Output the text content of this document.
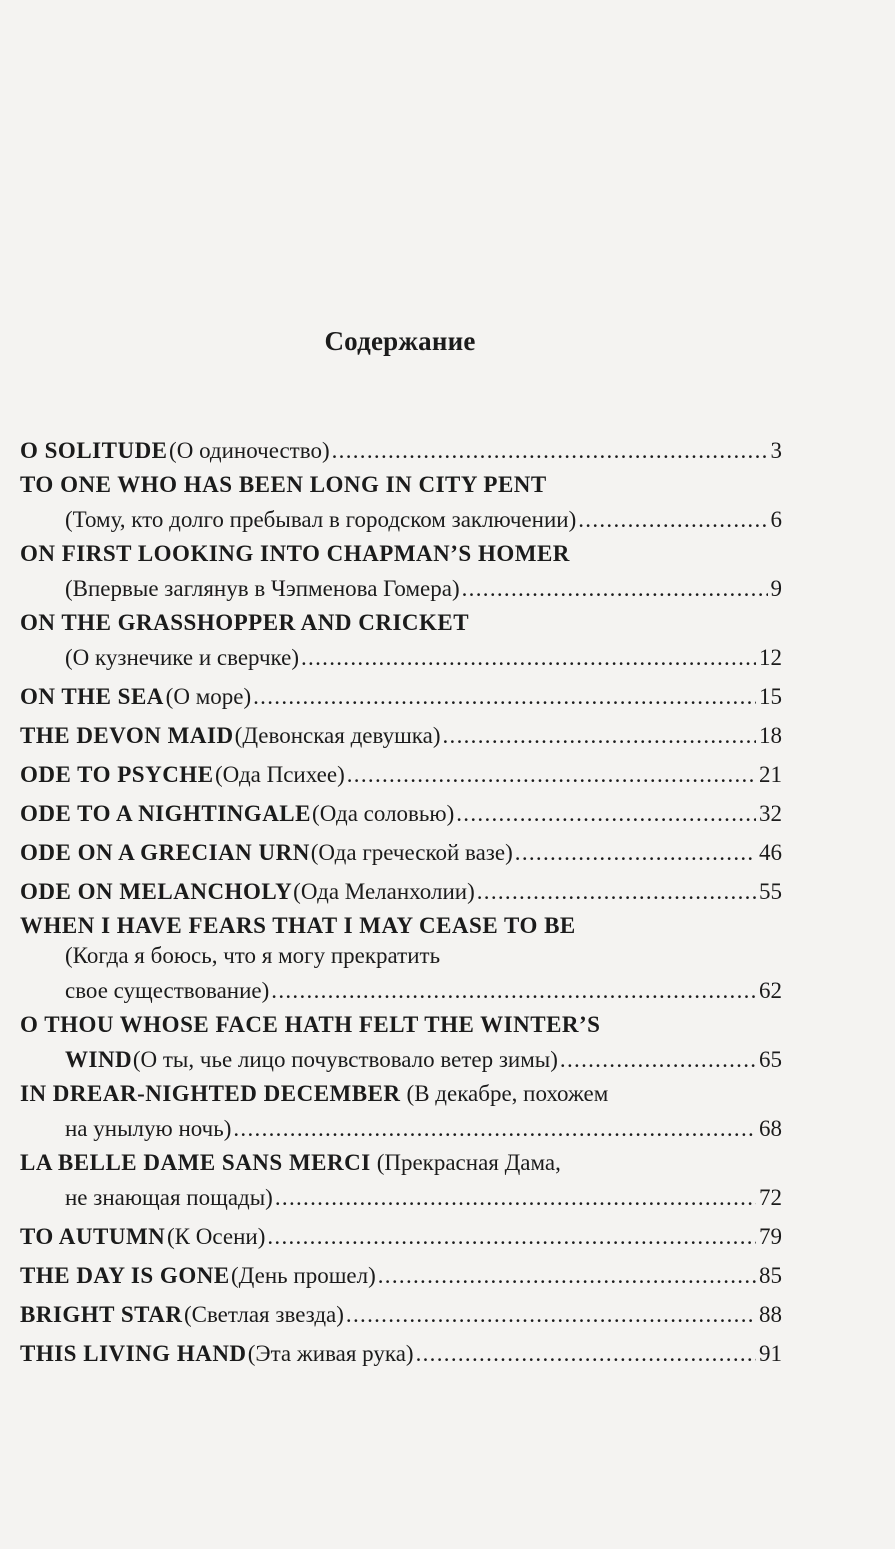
Содержание
O SOLITUDE (О одиночество) .....	3
TO ONE WHO HAS BEEN LONG IN CITY PENT
(Тому, кто долго пребывал в городском заключении) .....	6
ON FIRST LOOKING INTO CHAPMAN’S HOMER
(Впервые заглянув в Чэпменова Гомера) .....	9
ON THE GRASSHOPPER AND CRICKET
(О кузнечике и сверчке) .....	12
ON THE SEA (О море) .....	15
THE DEVON MAID (Девонская девушка) .....	18
ODE TO PSYCHE (Ода Психее) .....	21
ODE TO A NIGHTINGALE (Ода соловью) .....	32
ODE ON A GRECIAN URN (Ода греческой вазе) .....	46
ODE ON MELANCHOLY (Ода Меланхолии) .....	55
WHEN I HAVE FEARS THAT I MAY CEASE TO BE
(Когда я боюсь, что я могу прекратить
свое существование) .....	62
O THOU WHOSE FACE HATH FELT THE WINTER’S
WIND (О ты, чье лицо почувствовало ветер зимы) .....	65
IN DREAR-NIGHTED DECEMBER (В декабре, похожем
на унылую ночь) .....	68
LA BELLE DAME SANS MERCI (Прекрасная Дама,
не знающая пощады) .....	72
TO AUTUMN (К Осени) .....	79
THE DAY IS GONE (День прошел) .....	85
BRIGHT STAR (Светлая звезда) .....	88
THIS LIVING HAND (Эта живая рука) .....	91
